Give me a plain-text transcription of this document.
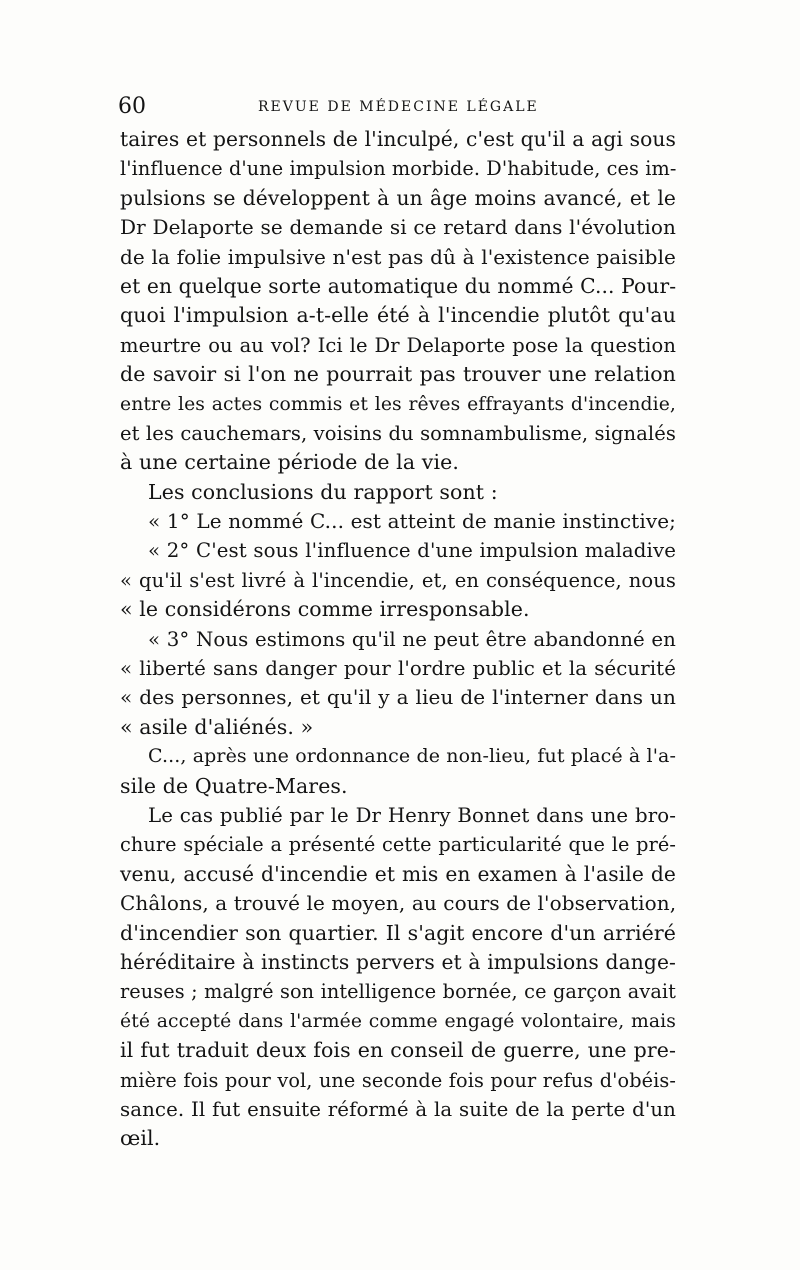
60	REVUE DE MÉDECINE LÉGALE
taires et personnels de l'inculpé, c'est qu'il a agi sous
l'influence d'une impulsion morbide. D'habitude, ces im-
pulsions se développent à un âge moins avancé, et le
Dr Delaporte se demande si ce retard dans l'évolution
de la folie impulsive n'est pas dû à l'existence paisible
et en quelque sorte automatique du nommé C... Pour-
quoi l'impulsion a-t-elle été à l'incendie plutôt qu'au
meurtre ou au vol? Ici le Dr Delaporte pose la question
de savoir si l'on ne pourrait pas trouver une relation
entre les actes commis et les rêves effrayants d'incendie,
et les cauchemars, voisins du somnambulisme, signalés
à une certaine période de la vie.
Les conclusions du rapport sont :
« 1° Le nommé C... est atteint de manie instinctive;
« 2° C'est sous l'influence d'une impulsion maladive
« qu'il s'est livré à l'incendie, et, en conséquence, nous
« le considérons comme irresponsable.
« 3° Nous estimons qu'il ne peut être abandonné en
« liberté sans danger pour l'ordre public et la sécurité
« des personnes, et qu'il y a lieu de l'interner dans un
« asile d'aliénés. »
C..., après une ordonnance de non-lieu, fut placé à l'a-
sile de Quatre-Mares.
Le cas publié par le Dr Henry Bonnet dans une bro-
chure spéciale a présenté cette particularité que le pré-
venu, accusé d'incendie et mis en examen à l'asile de
Châlons, a trouvé le moyen, au cours de l'observation,
d'incendier son quartier. Il s'agit encore d'un arriéré
héréditaire à instincts pervers et à impulsions dange-
reuses ; malgré son intelligence bornée, ce garçon avait
été accepté dans l'armée comme engagé volontaire, mais
il fut traduit deux fois en conseil de guerre, une pre-
mière fois pour vol, une seconde fois pour refus d'obéis-
sance. Il fut ensuite réformé à la suite de la perte d'un
œil.
